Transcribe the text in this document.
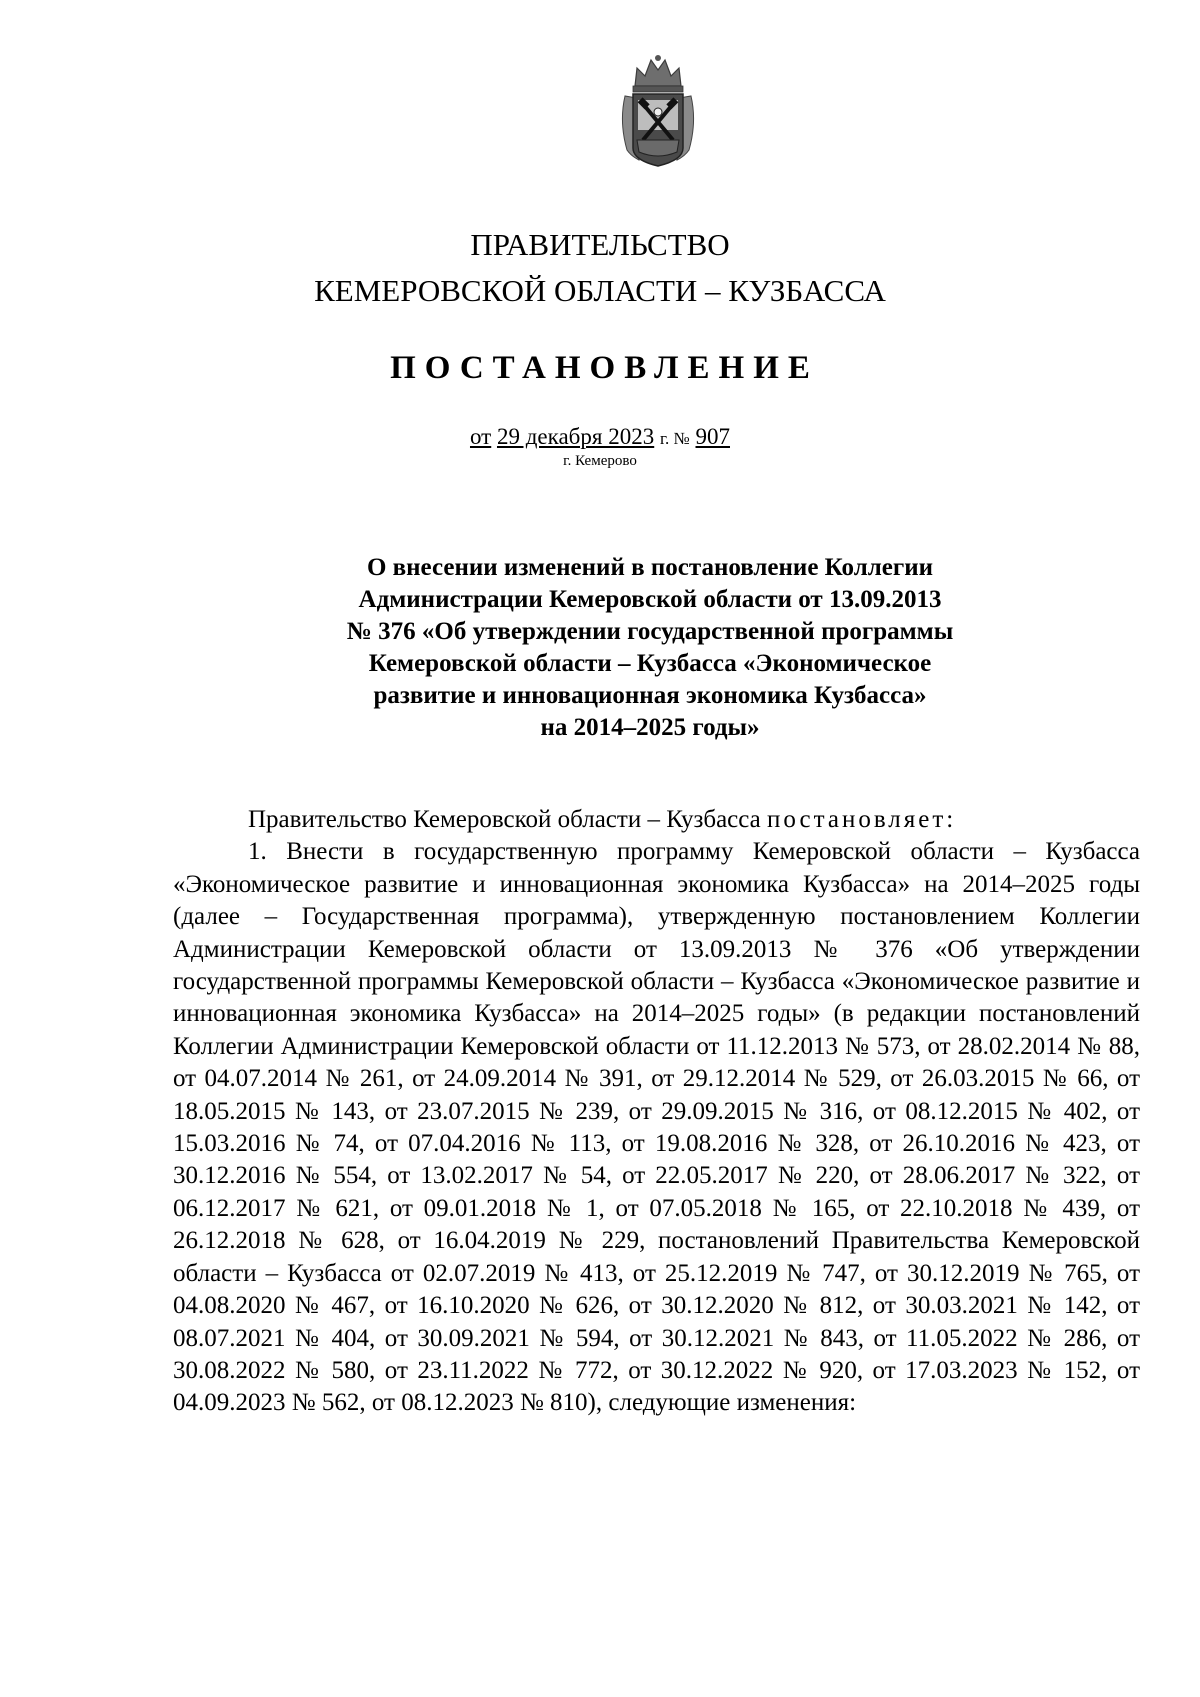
ПРАВИТЕЛЬСТВО
КЕМЕРОВСКОЙ ОБЛАСТИ – КУЗБАССА
ПОСТАНОВЛЕНИЕ
от 29 декабря 2023 г. № 907
г. Кемерово
О внесении изменений в постановление Коллегии
Администрации Кемеровской области от 13.09.2013
№ 376 «Об утверждении государственной программы
Кемеровской области – Кузбасса «Экономическое
развитие и инновационная экономика Кузбасса»
на 2014–2025 годы»

Правительство Кемеровской области – Кузбасса постановляет:

1. Внести в государственную программу Кемеровской области – Кузбасса «Экономическое развитие и инновационная экономика Кузбасса» на 2014–2025 годы (далее – Государственная программа), утвержденную постановлением Коллегии Администрации Кемеровской области от 13.09.2013 № 376 «Об утверждении государственной программы Кемеровской области – Кузбасса «Экономическое развитие и инновационная экономика Кузбасса» на 2014–2025 годы» (в редакции постановлений Коллегии Администрации Кемеровской области от 11.12.2013 № 573, от 28.02.2014 № 88, от 04.07.2014 № 261, от 24.09.2014 № 391, от 29.12.2014 № 529, от 26.03.2015 № 66, от 18.05.2015 № 143, от 23.07.2015 № 239, от 29.09.2015 № 316, от 08.12.2015 № 402, от 15.03.2016 № 74, от 07.04.2016 № 113, от 19.08.2016 № 328, от 26.10.2016 № 423, от 30.12.2016 № 554, от 13.02.2017 № 54, от 22.05.2017 № 220, от 28.06.2017 № 322, от 06.12.2017 № 621, от 09.01.2018 № 1, от 07.05.2018 № 165, от 22.10.2018 № 439, от 26.12.2018 № 628, от 16.04.2019 № 229, постановлений Правительства Кемеровской области – Кузбасса от 02.07.2019 № 413, от 25.12.2019 № 747, от 30.12.2019 № 765, от 04.08.2020 № 467, от 16.10.2020 № 626, от 30.12.2020 № 812, от 30.03.2021 № 142, от 08.07.2021 № 404, от 30.09.2021 № 594, от 30.12.2021 № 843, от 11.05.2022 № 286, от 30.08.2022 № 580, от 23.11.2022 № 772, от 30.12.2022 № 920, от 17.03.2023 № 152, от 04.09.2023 № 562, от 08.12.2023 № 810), следующие изменения:
